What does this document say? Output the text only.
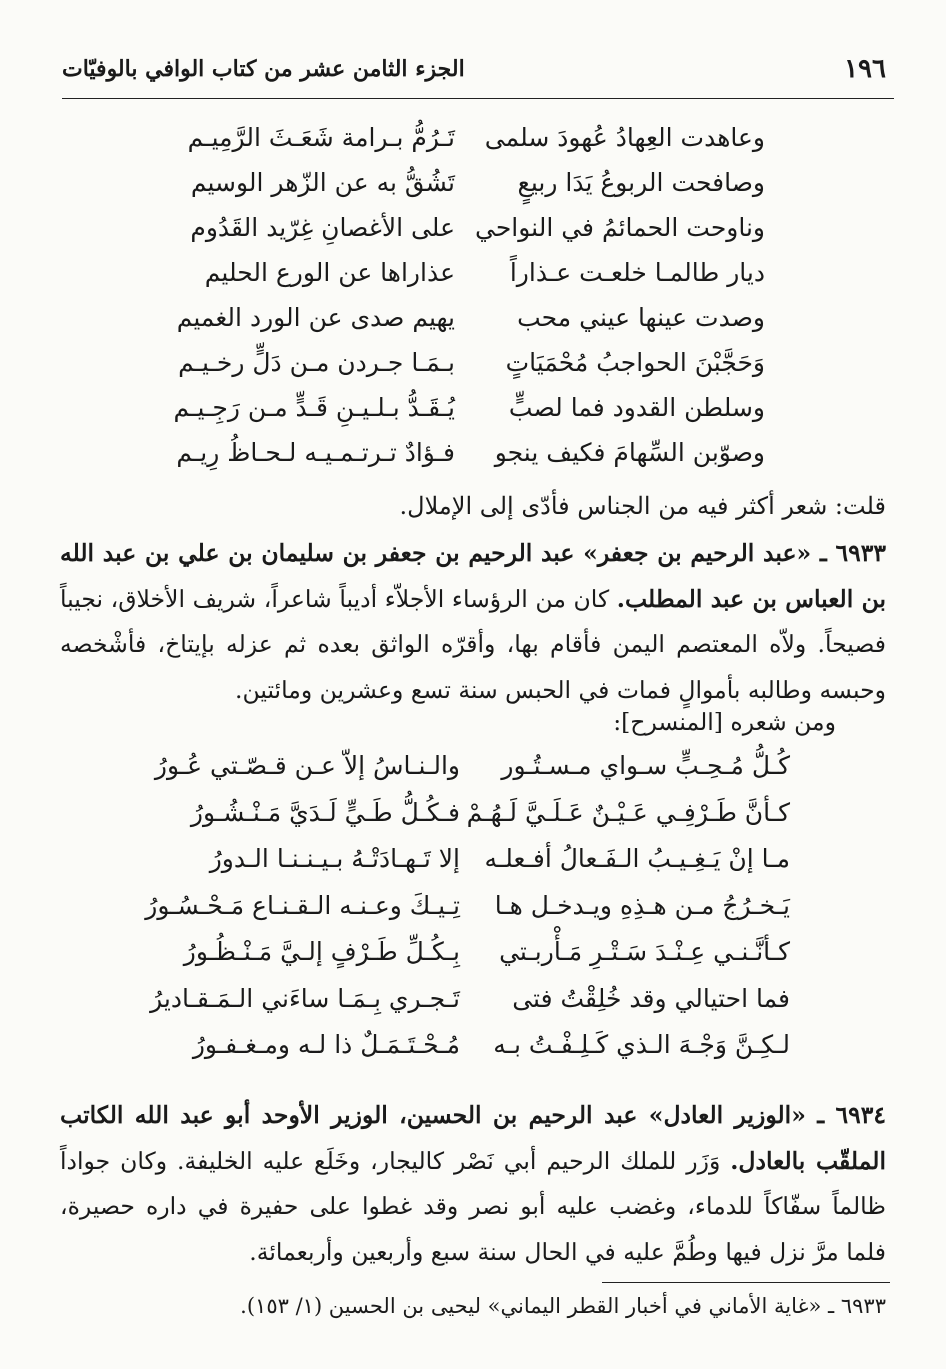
١٩٦
الجزء الثامن عشر من كتاب الوافي بالوفيّات
وعاهدت العِهادُ عُهودَ سلمى
تَـرُمُّ بـرامة شَعَـثَ الرَّمِيـم
وصافحت الربوعُ يَدَا ربيعٍ
تَشُقُّ به عن الزّهر الوسيم
وناوحت الحمائمُ في النواحي
على الأغصانِ غِرّيد القَدُوم
ديار طالمـا خلعـت عـذاراً
عذاراها عن الورع الحليم
وصدت عينها عيني محب
يهيم صدى عن الورد الغميم
وَحَجَّبْنَ الحواجبُ مُحْمَيَاتٍ
بـمَـا جـردن مـن دَلٍّ رخـيـم
وسلطن القدود فما لصبٍّ
يُـقَـدُّ بـلـيـنِ قَـدٍّ مـن رَجِـيـم
وصوّبن السِّهامَ فكيف ينجو
فـؤادٌ تـرتـمـيـه لـحـاظُ رِيـم
قلت: شعر أكثر فيه من الجناس فأدّى إلى الإملال.
٦٩٣٣ ـ «عبد الرحيم بن جعفر» عبد الرحيم بن جعفر بن سليمان بن علي بن عبد الله بن العباس بن عبد المطلب. كان من الرؤساء الأجلاّء أديباً شاعراً، شريف الأخلاق، نجيباً فصيحاً. ولاّه المعتصم اليمن فأقام بها، وأقرّه الواثق بعده ثم عزله بإيتاخ، فأشْخصه وحبسه وطالبه بأموالٍ فمات في الحبس سنة تسع وعشرين ومائتين.
ومن شعره [المنسرح]:
كُـلُّ مُـحِـبٍّ سـواي مـسـتُـور
والـنـاسُ إلاّ عـن قـصّـتي عُـورُ
كـأنَّ طَـرْفِـي عَـيْـنٌ عَـلَـيَّ لَـهُـمْ
فـكُـلُّ طَـيٍّ لَـدَيَّ مَـنْـشُـورُ
مـا إنْ يَـغِـيـبُ الـفَـعالُ أفـعلـه
إلا تَـهـادَتْـهُ بـيـنـنـا الـدورُ
يَـخـرُجُ مـن هـذِهِ ويـدخـل هـا
تِـيـكَ وعـنـه الـقـنـاع مَـحْـسُـورُ
كـأنَّـنـي عِـنْـدَ سَـتْـرِ مَـأْربـتي
بِـكُـلِّ طَـرْفٍ إلـيَّ مَـنْـظُـورُ
فما احتيالي وقد خُلِقْتُ فتى
تَـجـري بِـمَـا ساءَني الـمَـقـاديرُ
لـكِـنَّ وَجْـهَ الـذي كَـلِـفْـتُ بـه
مُـحْـتَـمَـلٌ ذا لـه ومـغـفـورُ
٦٩٣٤ ـ «الوزير العادل» عبد الرحيم بن الحسين، الوزير الأوحد أبو عبد الله الكاتب الملقّب بالعادل. وَزَر للملك الرحيم أبي نَصْر كاليجار، وخَلَع عليه الخليفة. وكان جواداً ظالماً سفّاكاً للدماء، وغضب عليه أبو نصر وقد غطوا على حفيرة في داره حصيرة، فلما مرَّ نزل فيها وطُمَّ عليه في الحال سنة سبع وأربعين وأربعمائة.
٦٩٣٣ ـ «غاية الأماني في أخبار القطر اليماني» ليحيى بن الحسين (١/ ١٥٣).
